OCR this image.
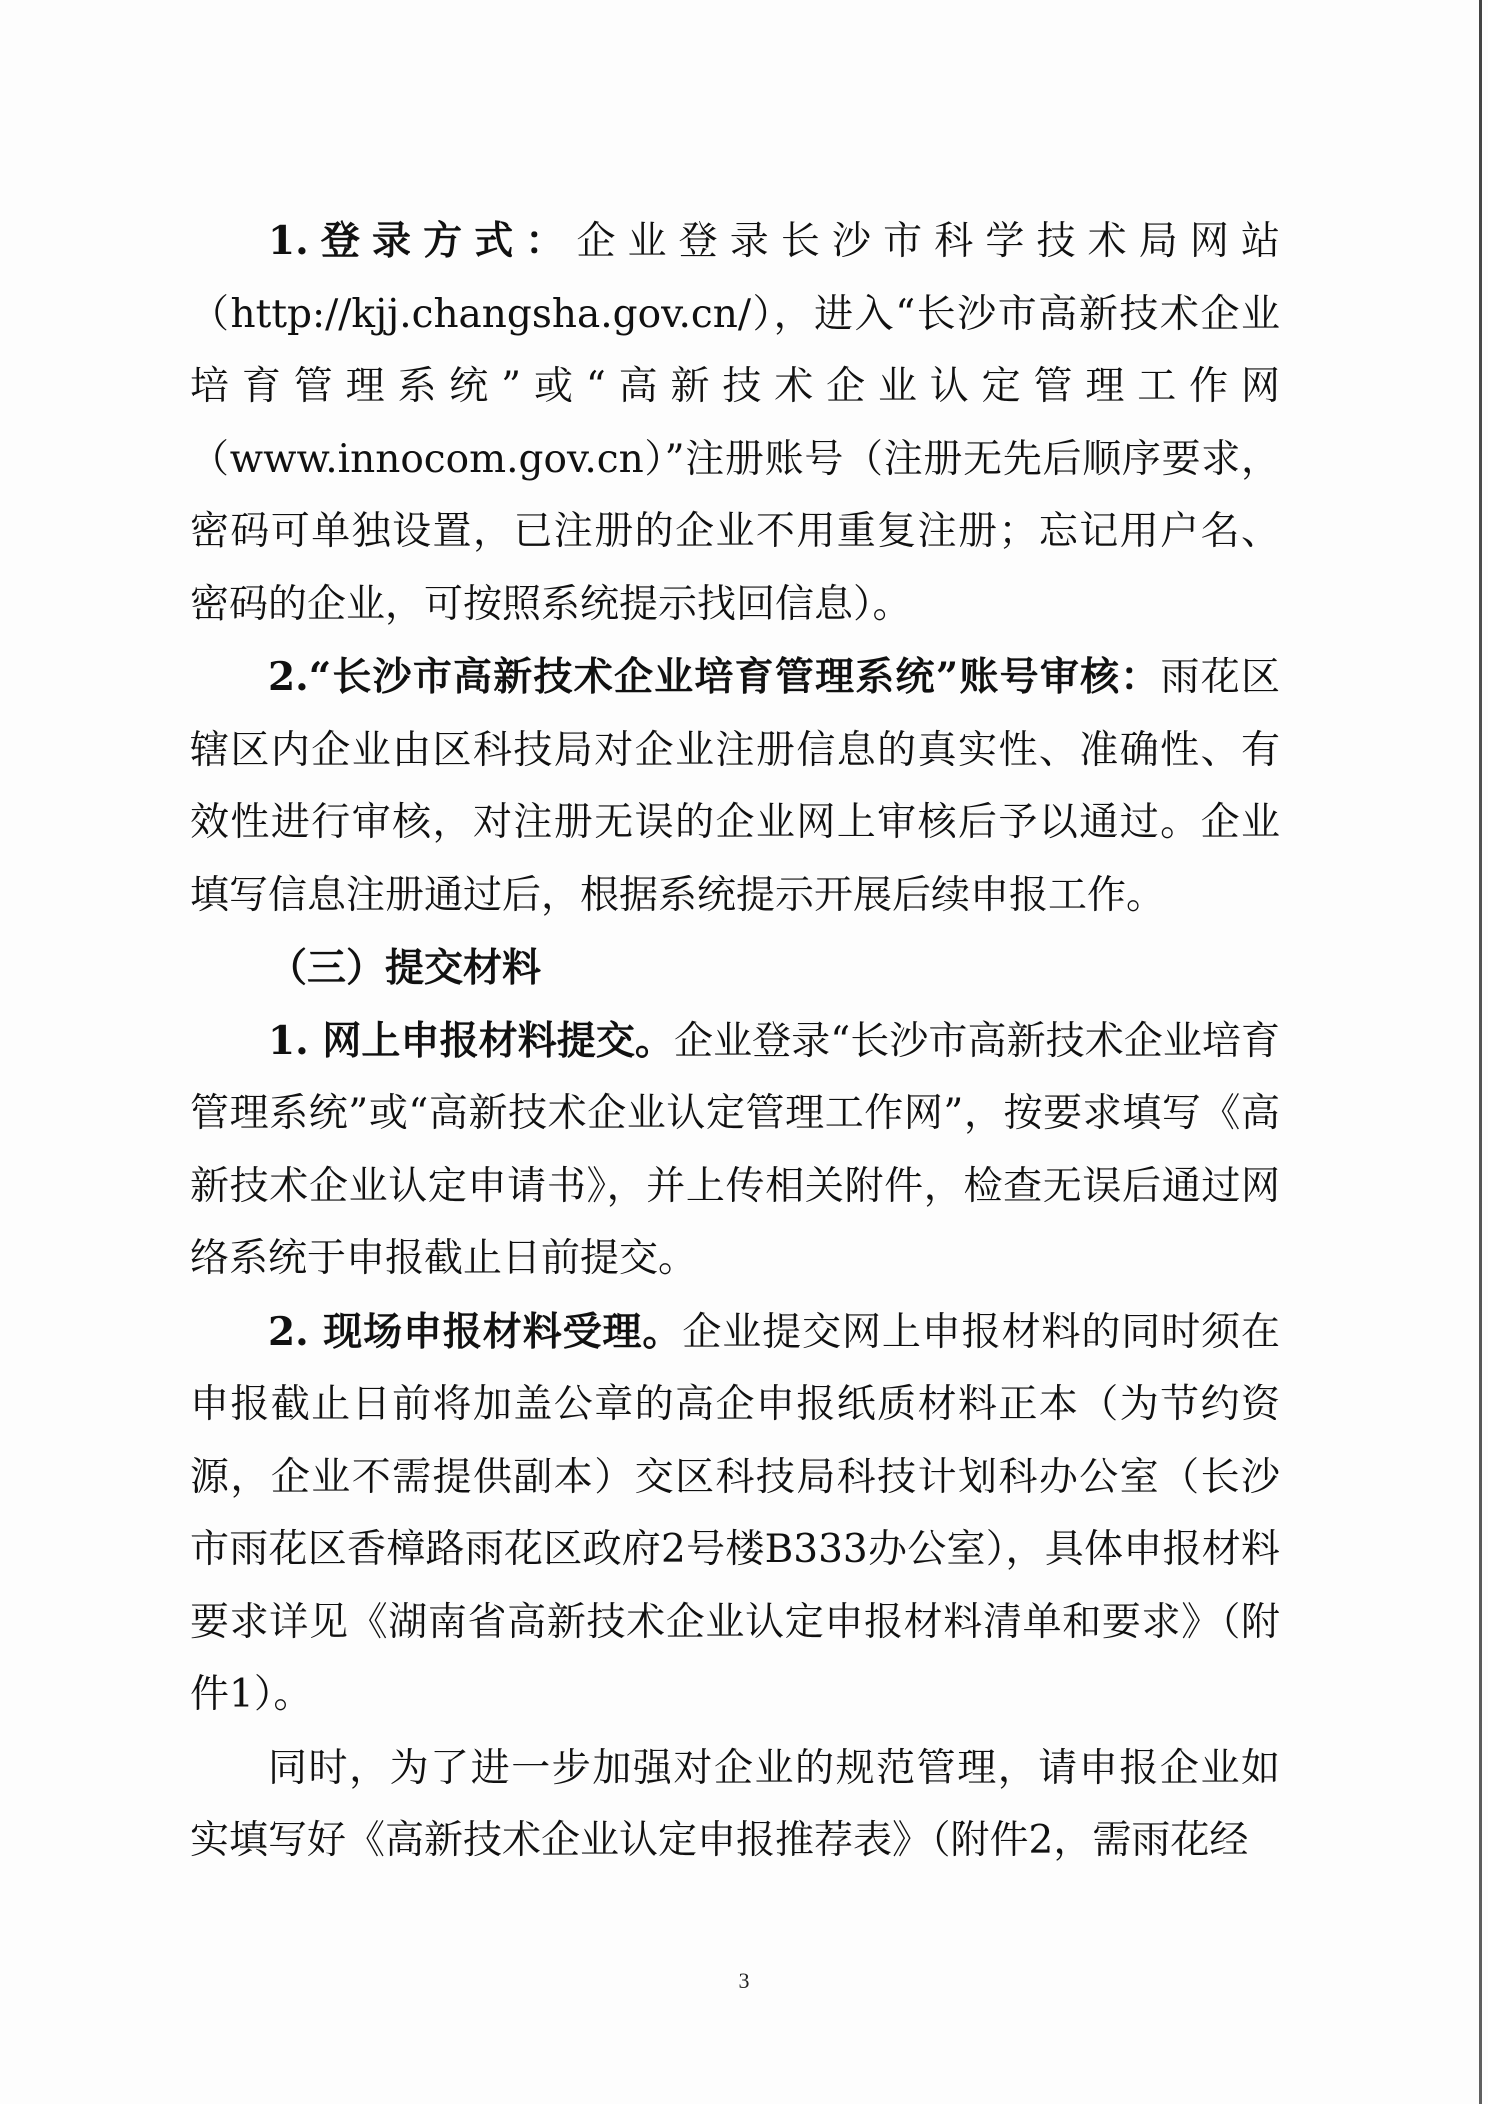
1.登录方式：企业登录长沙市科学技术局网站（http://kjj.changsha.gov.cn/），进入“长沙市高新技术企业培育管理系统”或“高新技术企业认定管理工作网（www.innocom.gov.cn）”注册账号（注册无先后顺序要求，密码可单独设置，已注册的企业不用重复注册；忘记用户名、密码的企业，可按照系统提示找回信息）。

2.“长沙市高新技术企业培育管理系统”账号审核：雨花区辖区内企业由区科技局对企业注册信息的真实性、准确性、有效性进行审核，对注册无误的企业网上审核后予以通过。企业填写信息注册通过后，根据系统提示开展后续申报工作。

（三）提交材料

1. 网上申报材料提交。企业登录“长沙市高新技术企业培育管理系统”或“高新技术企业认定管理工作网”，按要求填写《高新技术企业认定申请书》，并上传相关附件，检查无误后通过网络系统于申报截止日前提交。

2. 现场申报材料受理。企业提交网上申报材料的同时须在申报截止日前将加盖公章的高企申报纸质材料正本（为节约资源，企业不需提供副本）交区科技局科技计划科办公室（长沙市雨花区香樟路雨花区政府2号楼B333办公室），具体申报材料要求详见《湖南省高新技术企业认定申报材料清单和要求》（附件1）。

同时，为了进一步加强对企业的规范管理，请申报企业如实填写好《高新技术企业认定申报推荐表》（附件2，需雨花经

3
